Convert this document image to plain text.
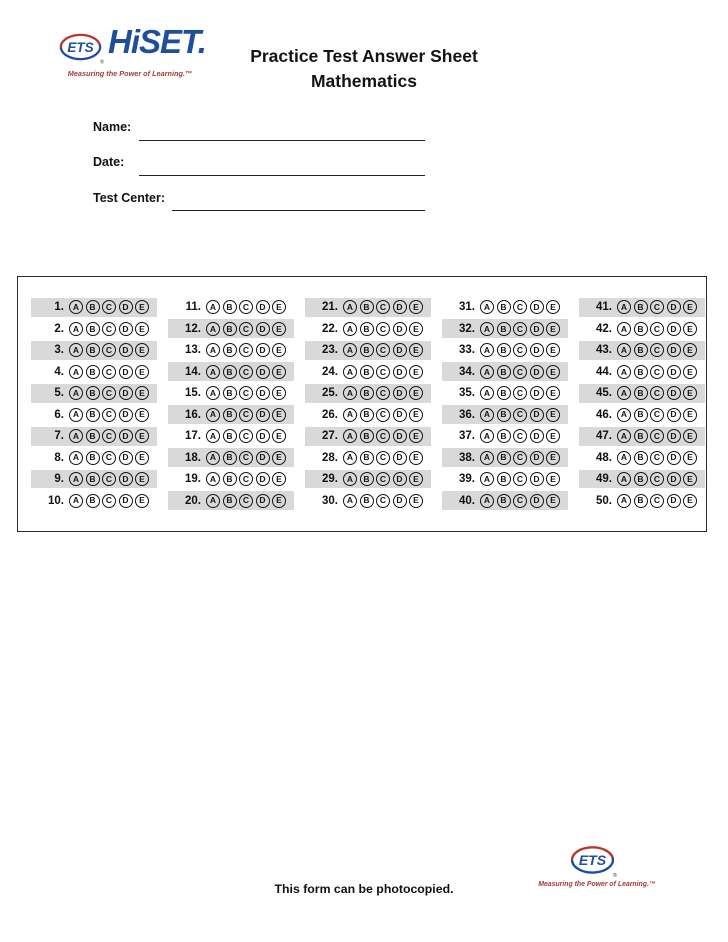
ETS
®
HiSET.
Measuring the Power of Learning.™
Practice Test Answer Sheet
Mathematics
Name:
Date:
Test Center:
1.	A	B	C	D	E
2.	A	B	C	D	E
3.	A	B	C	D	E
4.	A	B	C	D	E
5.	A	B	C	D	E
6.	A	B	C	D	E
7.	A	B	C	D	E
8.	A	B	C	D	E
9.	A	B	C	D	E
10.	A	B	C	D	E
11.	A	B	C	D	E
12.	A	B	C	D	E
13.	A	B	C	D	E
14.	A	B	C	D	E
15.	A	B	C	D	E
16.	A	B	C	D	E
17.	A	B	C	D	E
18.	A	B	C	D	E
19.	A	B	C	D	E
20.	A	B	C	D	E
21.	A	B	C	D	E
22.	A	B	C	D	E
23.	A	B	C	D	E
24.	A	B	C	D	E
25.	A	B	C	D	E
26.	A	B	C	D	E
27.	A	B	C	D	E
28.	A	B	C	D	E
29.	A	B	C	D	E
30.	A	B	C	D	E
31.	A	B	C	D	E
32.	A	B	C	D	E
33.	A	B	C	D	E
34.	A	B	C	D	E
35.	A	B	C	D	E
36.	A	B	C	D	E
37.	A	B	C	D	E
38.	A	B	C	D	E
39.	A	B	C	D	E
40.	A	B	C	D	E
41.	A	B	C	D	E
42.	A	B	C	D	E
43.	A	B	C	D	E
44.	A	B	C	D	E
45.	A	B	C	D	E
46.	A	B	C	D	E
47.	A	B	C	D	E
48.	A	B	C	D	E
49.	A	B	C	D	E
50.	A	B	C	D	E
This form can be photocopied.
ETS
®
Measuring the Power of Learning.™
